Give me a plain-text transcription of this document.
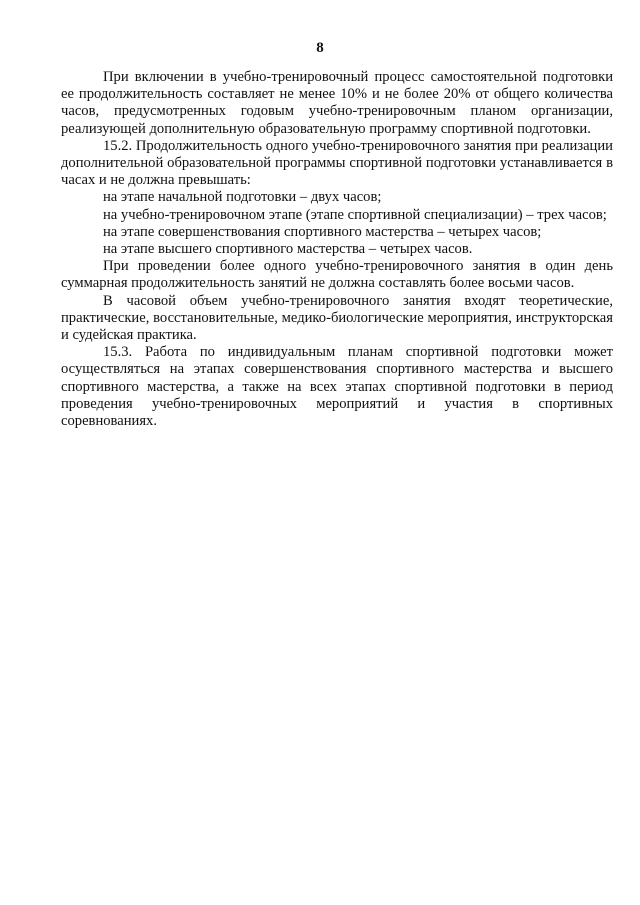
8

При включении в учебно-тренировочный процесс самостоятельной подготовки ее продолжительность составляет не менее 10% и не более 20% от общего количества часов, предусмотренных годовым учебно-тренировочным планом организации, реализующей дополнительную образовательную программу спортивной подготовки.

15.2. Продолжительность одного учебно-тренировочного занятия при реализации дополнительной образовательной программы спортивной подготовки устанавливается в часах и не должна превышать:

на этапе начальной подготовки – двух часов;

на учебно-тренировочном этапе (этапе спортивной специализации) – трех часов;

на этапе совершенствования спортивного мастерства – четырех часов;

на этапе высшего спортивного мастерства – четырех часов.

При проведении более одного учебно-тренировочного занятия в один день суммарная продолжительность занятий не должна составлять более восьми часов.

В часовой объем учебно-тренировочного занятия входят теоретические, практические, восстановительные, медико-биологические мероприятия, инструкторская и судейская практика.

15.3. Работа по индивидуальным планам спортивной подготовки может осуществляться на этапах совершенствования спортивного мастерства и высшего спортивного мастерства, а также на всех этапах спортивной подготовки в период проведения учебно-тренировочных мероприятий и участия в спортивных соревнованиях.
